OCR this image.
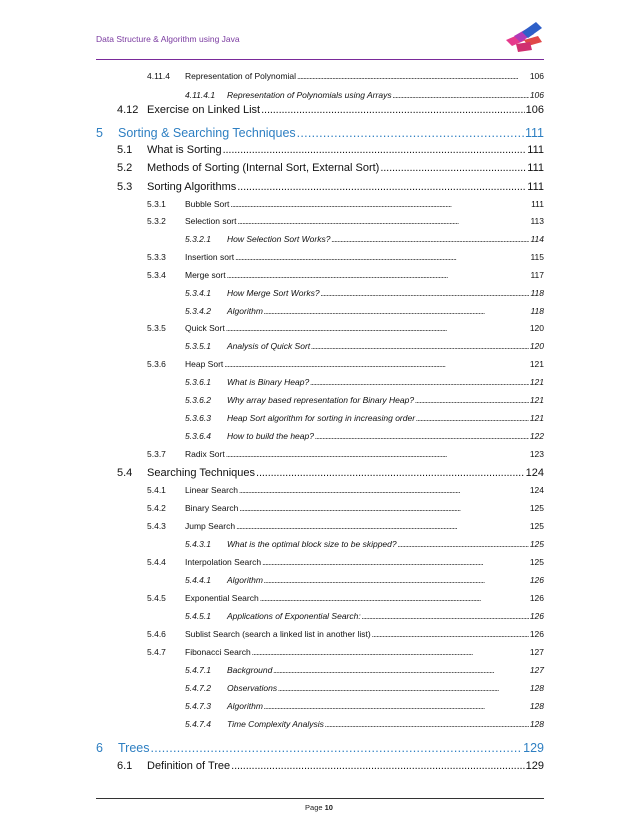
Data Structure & Algorithm using Java
4.11.4 Representation of Polynomial . . .	106
4.11.4.1 Representation of Polynomials using Arrays . . .	106
4.12 Exercise on Linked List . . .	106
5 Sorting & Searching Techniques . . .	111
5.1 What is Sorting . . .	111
5.2 Methods of Sorting (Internal Sort, External Sort) . . .	111
5.3 Sorting Algorithms . . .	111
5.3.1 Bubble Sort . . .	111
5.3.2 Selection sort . . .	113
5.3.2.1 How Selection Sort Works? . . .	114
5.3.3 Insertion sort . . .	115
5.3.4 Merge sort . . .	117
5.3.4.1 How Merge Sort Works? . . .	118
5.3.4.2 Algorithm . . .	118
5.3.5 Quick Sort . . .	120
5.3.5.1 Analysis of Quick Sort . . .	120
5.3.6 Heap Sort . . .	121
5.3.6.1 What is Binary Heap? . . .	121
5.3.6.2 Why array based representation for Binary Heap? . . .	121
5.3.6.3 Heap Sort algorithm for sorting in increasing order . . .	121
5.3.6.4 How to build the heap? . . .	122
5.3.7 Radix Sort . . .	123
5.4 Searching Techniques . . .	124
5.4.1 Linear Search . . .	124
5.4.2 Binary Search . . .	125
5.4.3 Jump Search . . .	125
5.4.3.1 What is the optimal block size to be skipped? . . .	125
5.4.4 Interpolation Search . . .	125
5.4.4.1 Algorithm . . .	126
5.4.5 Exponential Search . . .	126
5.4.5.1 Applications of Exponential Search: . . .	126
5.4.6 Sublist Search (search a linked list in another list) . . .	126
5.4.7 Fibonacci Search . . .	127
5.4.7.1 Background . . .	127
5.4.7.2 Observations . . .	128
5.4.7.3 Algorithm . . .	128
5.4.7.4 Time Complexity Analysis . . .	128
6 Trees . . .	129
6.1 Definition of Tree . . .	129
Page 10
